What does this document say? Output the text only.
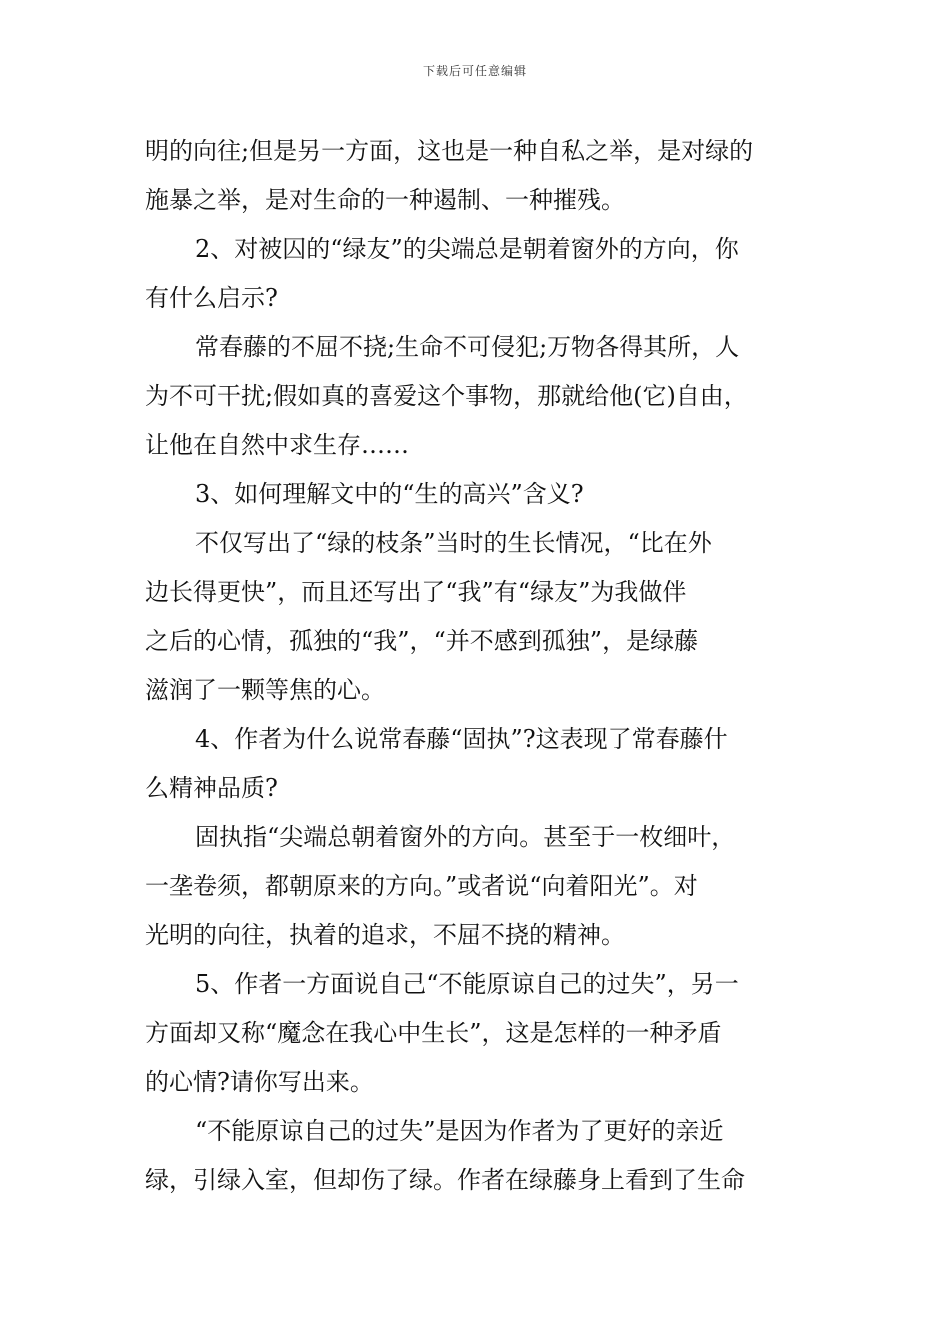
下载后可任意编辑
明的向往;但是另一方面，这也是一种自私之举，是对绿的
施暴之举，是对生命的一种遏制、一种摧残。
2、对被囚的“绿友”的尖端总是朝着窗外的方向，你
有什么启示?
常春藤的不屈不挠;生命不可侵犯;万物各得其所，人
为不可干扰;假如真的喜爱这个事物，那就给他(它)自由，
让他在自然中求生存……
3、如何理解文中的“生的高兴”含义?
不仅写出了“绿的枝条”当时的生长情况，“比在外
边长得更快”，而且还写出了“我”有“绿友”为我做伴
之后的心情，孤独的“我”，“并不感到孤独”，是绿藤
滋润了一颗等焦的心。
4、作者为什么说常春藤“固执”?这表现了常春藤什
么精神品质?
固执指“尖端总朝着窗外的方向。甚至于一枚细叶，
一垄卷须，都朝原来的方向。”或者说“向着阳光”。对
光明的向往，执着的追求，不屈不挠的精神。
5、作者一方面说自己“不能原谅自己的过失”，另一
方面却又称“魔念在我心中生长”，这是怎样的一种矛盾
的心情?请你写出来。
“不能原谅自己的过失”是因为作者为了更好的亲近
绿，引绿入室，但却伤了绿。作者在绿藤身上看到了生命
